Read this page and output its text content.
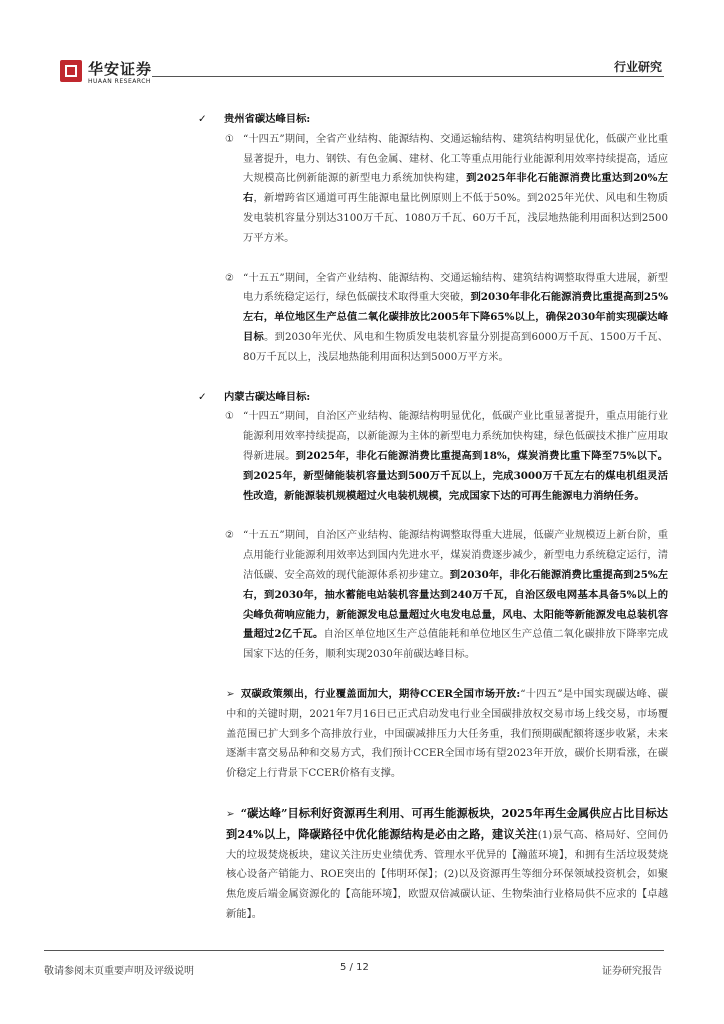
华安证券
HUAAN RESEARCH
行业研究
✓ 贵州省碳达峰目标:
① “十四五”期间，全省产业结构、能源结构、交通运输结构、建筑结构明显优化，低碳产业比重显著提升，电力、钢铁、有色金属、建材、化工等重点用能行业能源利用效率持续提高，适应大规模高比例新能源的新型电力系统加快构建，到2025年非化石能源消费比重达到20%左右，新增跨省区通道可再生能源电量比例原则上不低于50%。到2025年光伏、风电和生物质发电装机容量分别达3100万千瓦、1080万千瓦、60万千瓦，浅层地热能利用面积达到2500万平方米。
② “十五五”期间，全省产业结构、能源结构、交通运输结构、建筑结构调整取得重大进展，新型电力系统稳定运行，绿色低碳技术取得重大突破，到2030年非化石能源消费比重提高到25%左右，单位地区生产总值二氧化碳排放比2005年下降65%以上，确保2030年前实现碳达峰目标。到2030年光伏、风电和生物质发电装机容量分别提高到6000万千瓦、1500万千瓦、80万千瓦以上，浅层地热能利用面积达到5000万平方米。
✓ 内蒙古碳达峰目标:
① “十四五”期间，自治区产业结构、能源结构明显优化，低碳产业比重显著提升，重点用能行业能源利用效率持续提高，以新能源为主体的新型电力系统加快构建，绿色低碳技术推广应用取得新进展。到2025年，非化石能源消费比重提高到18%，煤炭消费比重下降至75%以下。到2025年，新型储能装机容量达到500万千瓦以上，完成3000万千瓦左右的煤电机组灵活性改造，新能源装机规模超过火电装机规模，完成国家下达的可再生能源电力消纳任务。
② “十五五”期间，自治区产业结构、能源结构调整取得重大进展，低碳产业规模迈上新台阶，重点用能行业能源利用效率达到国内先进水平，煤炭消费逐步减少，新型电力系统稳定运行，清洁低碳、安全高效的现代能源体系初步建立。到2030年，非化石能源消费比重提高到25%左右，到2030年，抽水蓄能电站装机容量达到240万千瓦，自治区级电网基本具备5%以上的尖峰负荷响应能力，新能源发电总量超过火电发电总量，风电、太阳能等新能源发电总装机容量超过2亿千瓦。自治区单位地区生产总值能耗和单位地区生产总值二氧化碳排放下降率完成国家下达的任务，顺利实现2030年前碳达峰目标。
➢ 双碳政策频出，行业覆盖面加大，期待CCER全国市场开放:“十四五”是中国实现碳达峰、碳中和的关键时期，2021年7月16日已正式启动发电行业全国碳排放权交易市场上线交易，市场覆盖范围已扩大到多个高排放行业，中国碳减排压力大任务重，我们预期碳配额将逐步收紧，未来逐渐丰富交易品种和交易方式，我们预计CCER全国市场有望2023年开放，碳价长期看涨，在碳价稳定上行背景下CCER价格有支撑。
➢ “碳达峰”目标利好资源再生利用、可再生能源板块，2025年再生金属供应占比目标达到24%以上，降碳路径中优化能源结构是必由之路，建议关注(1)景气高、格局好、空间仍大的垃圾焚烧板块，建议关注历史业绩优秀、管理水平优异的【瀚蓝环境】，和拥有生活垃圾焚烧核心设备产销能力、ROE突出的【伟明环保】；(2)以及资源再生等细分环保领域投资机会，如聚焦危废后端金属资源化的【高能环境】，欧盟双倍减碳认证、生物柴油行业格局供不应求的【卓越新能】。
敬请参阅末页重要声明及评级说明	5 / 12	证券研究报告
